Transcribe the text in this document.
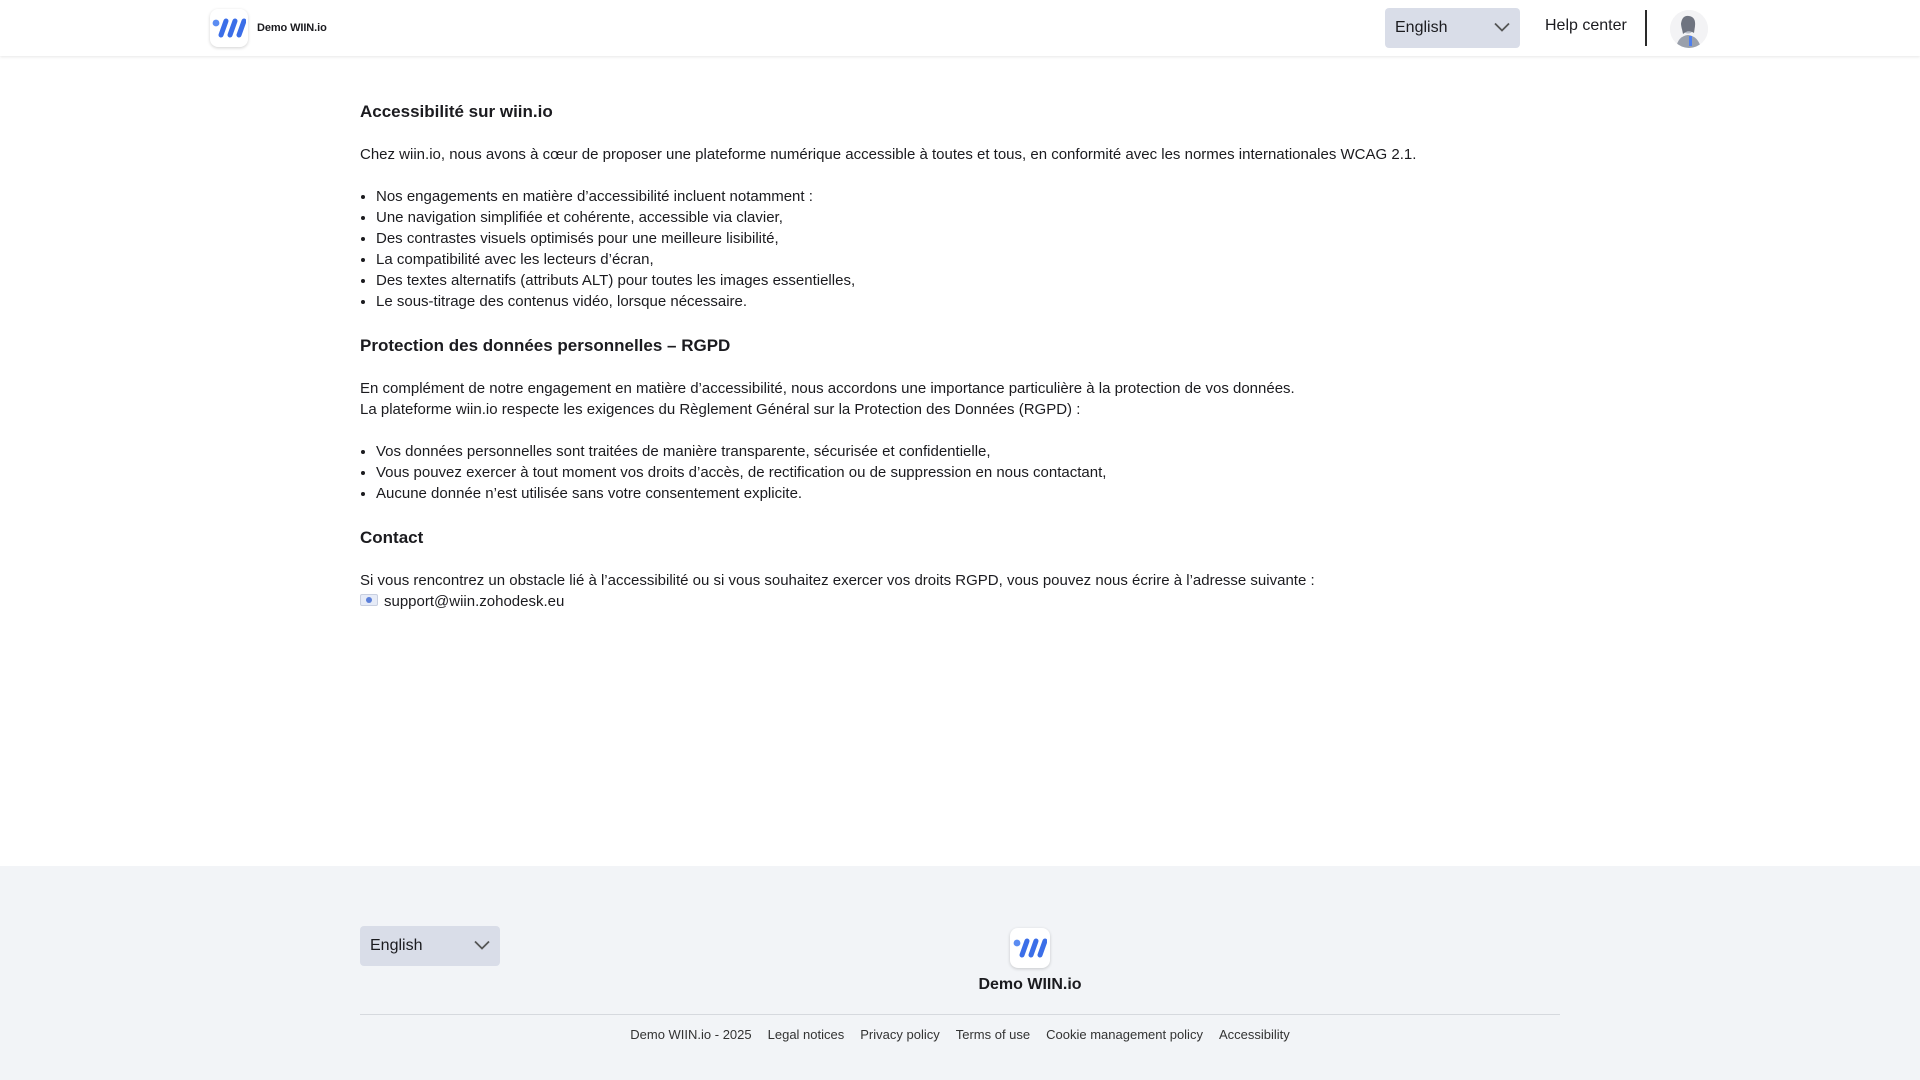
Demo WIIN.io	English	Help center
Accessibilité sur wiin.io

Chez wiin.io, nous avons à cœur de proposer une plateforme numérique accessible à toutes et tous, en conformité avec les normes internationales WCAG 2.1.

• Nos engagements en matière d’accessibilité incluent notamment :
• Une navigation simplifiée et cohérente, accessible via clavier,
• Des contrastes visuels optimisés pour une meilleure lisibilité,
• La compatibilité avec les lecteurs d’écran,
• Des textes alternatifs (attributs ALT) pour toutes les images essentielles,
• Le sous-titrage des contenus vidéo, lorsque nécessaire.
Protection des données personnelles – RGPD

En complément de notre engagement en matière d’accessibilité, nous accordons une importance particulière à la protection de vos données.

La plateforme wiin.io respecte les exigences du Règlement Général sur la Protection des Données (RGPD) :

• Vos données personnelles sont traitées de manière transparente, sécurisée et confidentielle,
• Vous pouvez exercer à tout moment vos droits d’accès, de rectification ou de suppression en nous contactant,
• Aucune donnée n’est utilisée sans votre consentement explicite.
Contact

Si vous rencontrez un obstacle lié à l’accessibilité ou si vous souhaitez exercer vos droits RGPD, vous pouvez nous écrire à l’adresse suivante :

support@wiin.zohodesk.eu
English
Demo WIIN.io
Demo WIIN.io - 2025 Legal notices Privacy policy Terms of use Cookie management policy Accessibility
